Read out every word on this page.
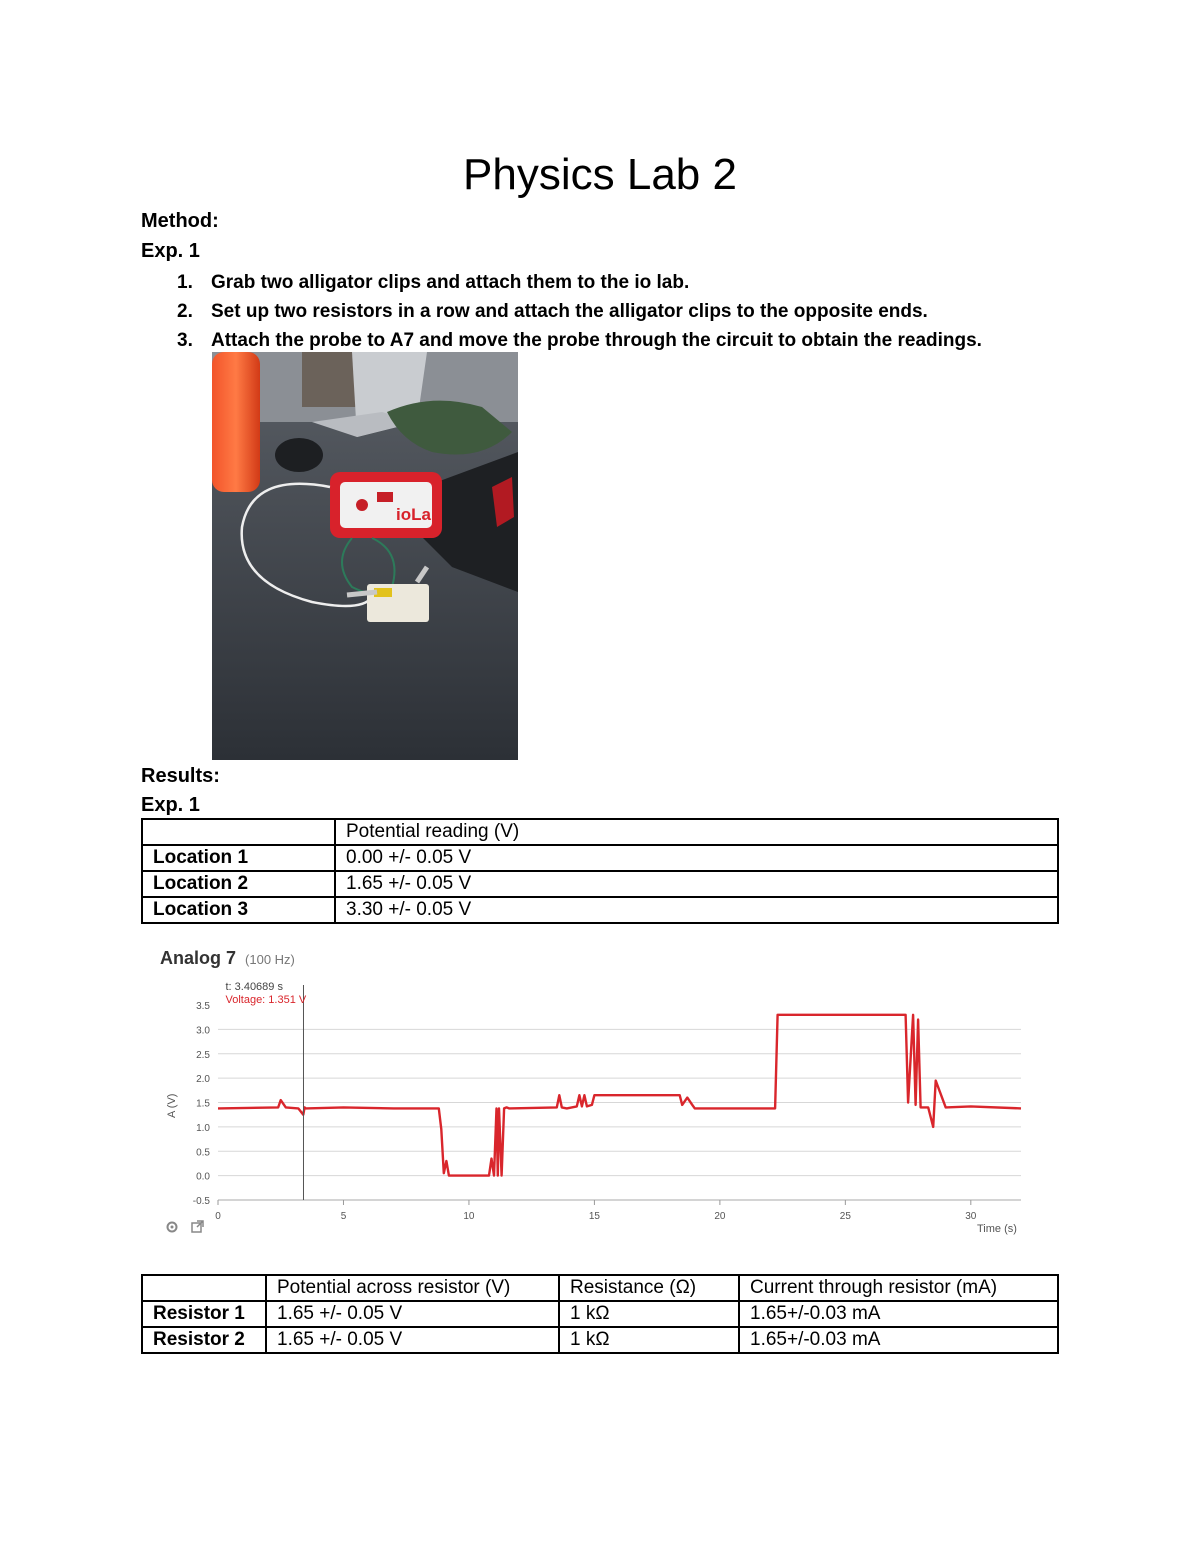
Physics Lab 2
Method:
Exp. 1
1. Grab two alligator clips and attach them to the io lab.
2. Set up two resistors in a row and attach the alligator clips to the opposite ends.
3. Attach the probe to A7 and move the probe through the circuit to obtain the readings.
ioLab
Results:
Exp. 1
	Potential reading (V)
Location 1	0.00 +/- 0.05 V
Location 2	1.65 +/- 0.05 V
Location 3	3.30 +/- 0.05 V
Analog 7 (100 Hz)
-0.5
0.0
0.5
1.0
1.5
2.0
2.5
3.0
3.5
0	5	10	15	20	25	30
A (V)
Time (s)
t: 3.40689 s
Voltage: 1.351 V
	Potential across resistor (V)	Resistance (Ω)	Current through resistor (mA)
Resistor 1	1.65 +/- 0.05 V	1 kΩ	1.65+/-0.03 mA
Resistor 2	1.65 +/- 0.05 V	1 kΩ	1.65+/-0.03 mA
